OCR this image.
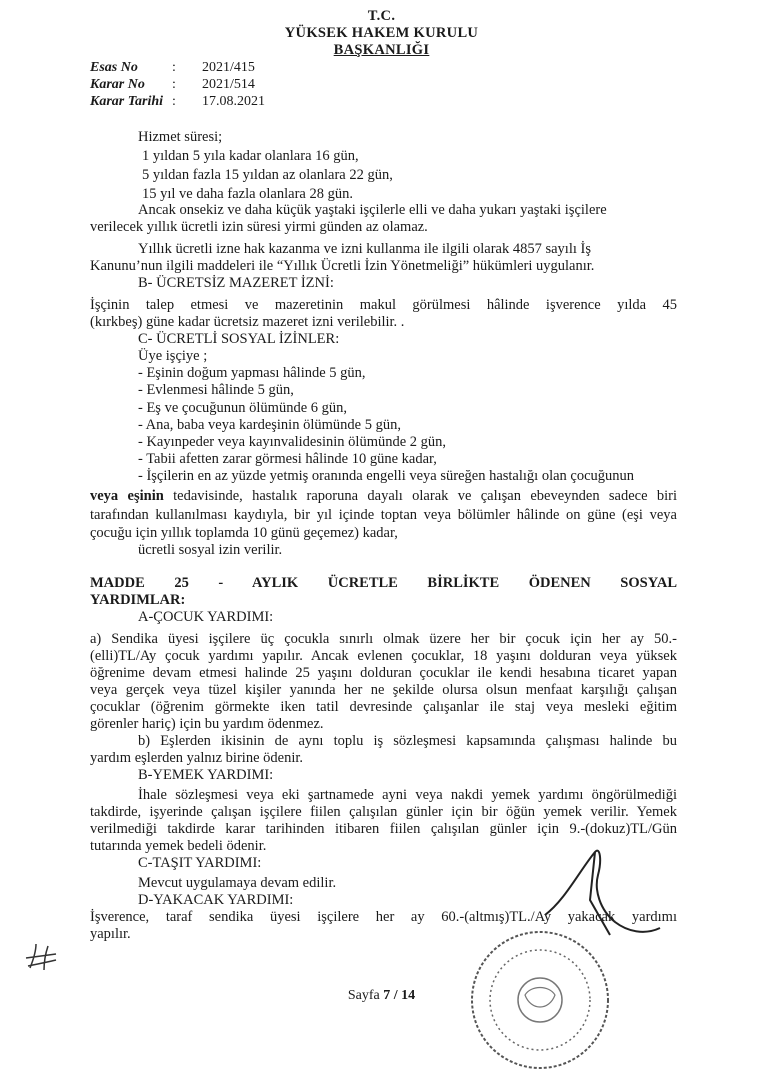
T.C.
YÜKSEK HAKEM KURULU
BAŞKANLIĞI
Esas No : 2021/415
Karar No : 2021/514
Karar Tarihi : 17.08.2021
Hizmet süresi;
1 yıldan 5 yıla kadar olanlara 16 gün,
5 yıldan fazla 15 yıldan az olanlara 22 gün,
15 yıl ve daha fazla olanlara 28 gün.
Ancak onsekiz ve daha küçük yaştaki işçilerle elli ve daha yukarı yaştaki işçilere
verilecek yıllık ücretli izin süresi yirmi günden az olamaz.
Yıllık ücretli izne hak kazanma ve izni kullanma ile ilgili olarak 4857 sayılı İş
Kanunu’nun ilgili maddeleri ile “Yıllık Ücretli İzin Yönetmeliği” hükümleri uygulanır.
B- ÜCRETSİZ MAZERET İZNİ:
İşçinin talep etmesi ve mazeretinin makul görülmesi hâlinde işverence yılda 45
(kırkbeş) güne kadar ücretsiz mazeret izni verilebilir. .
C- ÜCRETLİ SOSYAL İZİNLER:
Üye işçiye ;
- Eşinin doğum yapması hâlinde 5 gün,
- Evlenmesi hâlinde 5 gün,
- Eş ve çocuğunun ölümünde 6 gün,
- Ana, baba veya kardeşinin ölümünde 5 gün,
- Kayınpeder veya kayınvalidesinin ölümünde 2 gün,
- Tabii afetten zarar görmesi hâlinde 10 güne kadar,
- İşçilerin en az yüzde yetmiş oranında engelli veya süreğen hastalığı olan çocuğunun
veya eşinin tedavisinde, hastalık raporuna dayalı olarak ve çalışan ebeveynden sadece biri
tarafından kullanılması kaydıyla, bir yıl içinde toptan veya bölümler hâlinde on güne (eşi veya
çocuğu için yıllık toplamda 10 günü geçemez) kadar,
ücretli sosyal izin verilir.
MADDE 25 - AYLIK ÜCRETLE BİRLİKTE ÖDENEN SOSYAL
YARDIMLAR:
A-ÇOCUK YARDIMI:
a) Sendika üyesi işçilere üç çocukla sınırlı olmak üzere her bir çocuk için her ay 50.-
(elli)TL/Ay çocuk yardımı yapılır. Ancak evlenen çocuklar, 18 yaşını dolduran veya yüksek
öğrenime devam etmesi halinde 25 yaşını dolduran çocuklar ile kendi hesabına ticaret yapan
veya gerçek veya tüzel kişiler yanında her ne şekilde olursa olsun menfaat karşılığı çalışan
çocuklar (öğrenim görmekte iken tatil devresinde çalışanlar ile staj veya mesleki eğitim
görenler hariç) için bu yardım ödenmez.
b) Eşlerden ikisinin de aynı toplu iş sözleşmesi kapsamında çalışması halinde bu
yardım eşlerden yalnız birine ödenir.
B-YEMEK YARDIMI:
İhale sözleşmesi veya eki şartnamede ayni veya nakdi yemek yardımı öngörülmediği
takdirde, işyerinde çalışan işçilere fiilen çalışılan günler için bir öğün yemek verilir. Yemek
verilmediği takdirde karar tarihinden itibaren fiilen çalışılan günler için 9.-(dokuz)TL/Gün
tutarında yemek bedeli ödenir.
C-TAŞIT YARDIMI:
Mevcut uygulamaya devam edilir.
D-YAKACAK YARDIMI:
İşverence, taraf sendika üyesi işçilere her ay 60.-(altmış)TL./Ay yakacak yardımı
yapılır.
Sayfa 7 / 14
